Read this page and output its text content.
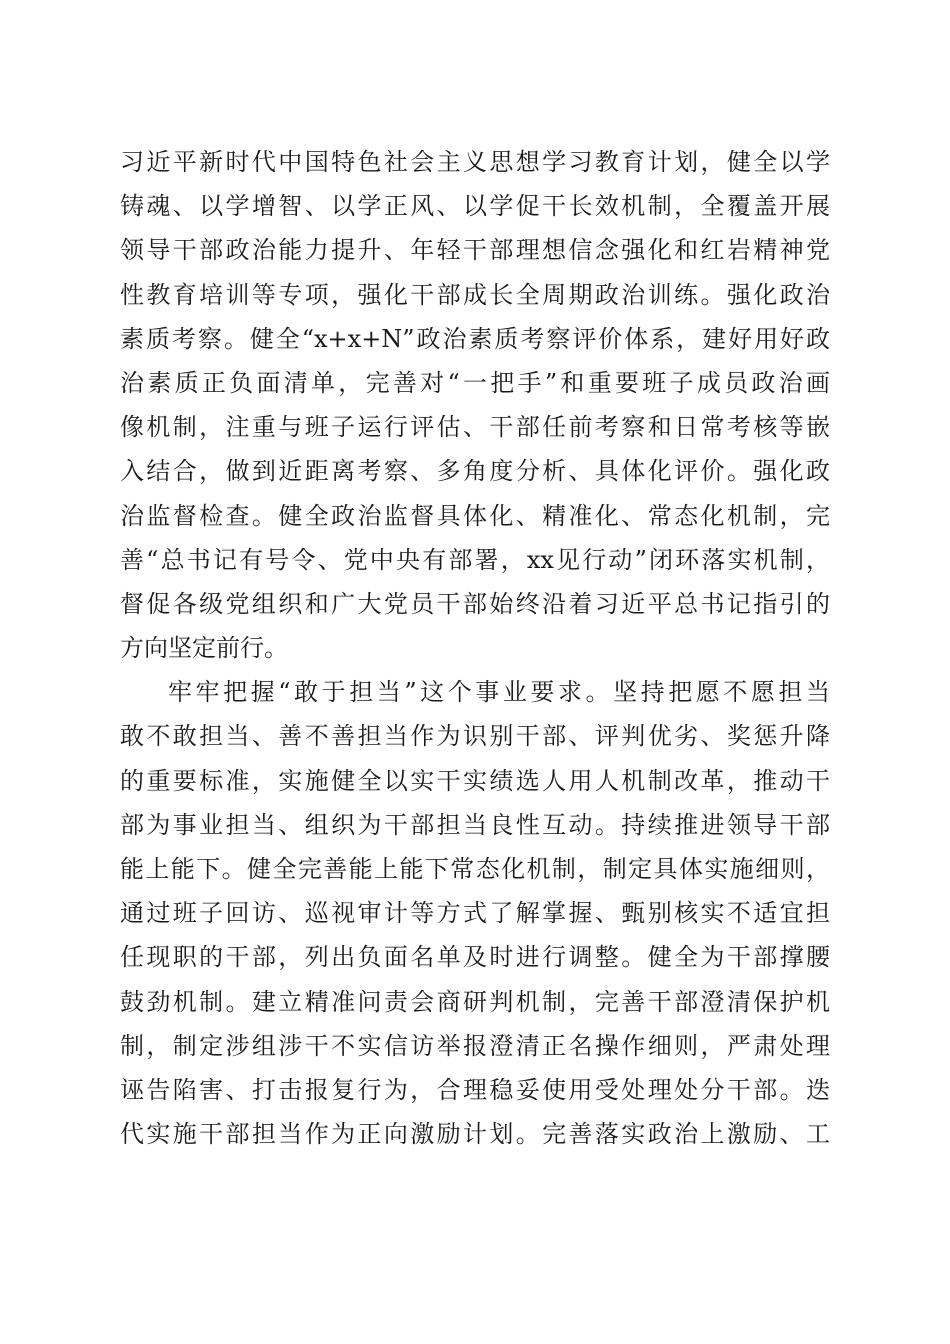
习近平新时代中国特色社会主义思想学习教育计划，健全以学
铸魂、以学增智、以学正风、以学促干长效机制，全覆盖开展
领导干部政治能力提升、年轻干部理想信念强化和红岩精神党
性教育培训等专项，强化干部成长全周期政治训练。强化政治
素质考察。健全“x+x+N”政治素质考察评价体系，建好用好政
治素质正负面清单，完善对“一把手”和重要班子成员政治画
像机制，注重与班子运行评估、干部任前考察和日常考核等嵌
入结合，做到近距离考察、多角度分析、具体化评价。强化政
治监督检查。健全政治监督具体化、精准化、常态化机制，完
善“总书记有号令、党中央有部署，xx见行动”闭环落实机制，
督促各级党组织和广大党员干部始终沿着习近平总书记指引的
方向坚定前行。
牢牢把握“敢于担当”这个事业要求。坚持把愿不愿担当
敢不敢担当、善不善担当作为识别干部、评判优劣、奖惩升降
的重要标准，实施健全以实干实绩选人用人机制改革，推动干
部为事业担当、组织为干部担当良性互动。持续推进领导干部
能上能下。健全完善能上能下常态化机制，制定具体实施细则，
通过班子回访、巡视审计等方式了解掌握、甄别核实不适宜担
任现职的干部，列出负面名单及时进行调整。健全为干部撑腰
鼓劲机制。建立精准问责会商研判机制，完善干部澄清保护机
制，制定涉组涉干不实信访举报澄清正名操作细则，严肃处理
诬告陷害、打击报复行为，合理稳妥使用受处理处分干部。迭
代实施干部担当作为正向激励计划。完善落实政治上激励、工
